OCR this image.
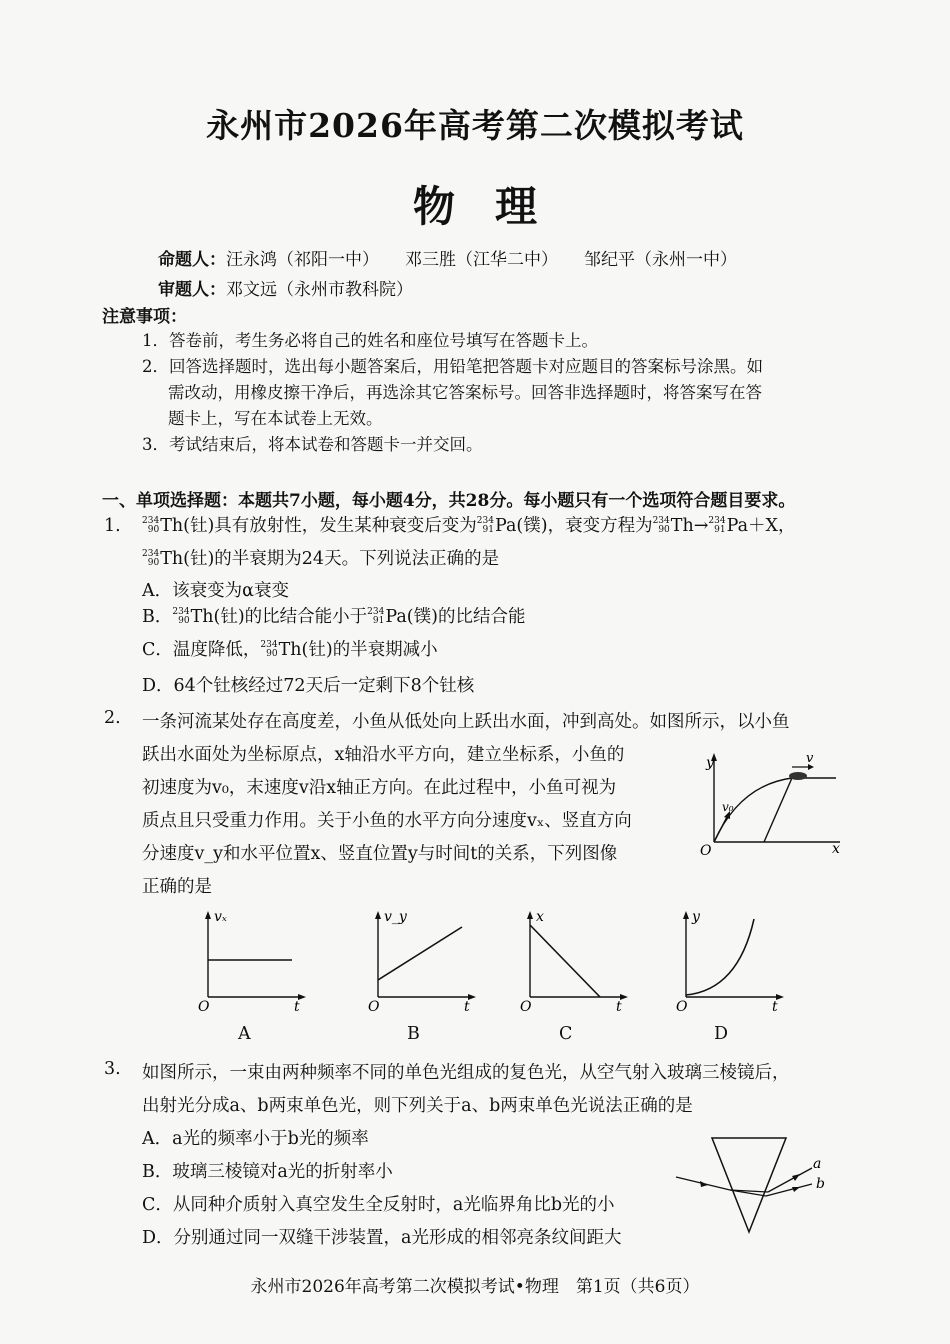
永州市2026年高考第二次模拟考试
物理
命题人：汪永鸿（祁阳一中） 邓三胜（江华二中） 邹纪平（永州一中）
审题人：邓文远（永州市教科院）
注意事项：
1．答卷前，考生务必将自己的姓名和座位号填写在答题卡上。
2．回答选择题时，选出每小题答案后，用铅笔把答题卡对应题目的答案标号涂黑。如
需改动，用橡皮擦干净后，再选涂其它答案标号。回答非选择题时，将答案写在答
题卡上，写在本试卷上无效。
3．考试结束后，将本试卷和答题卡一并交回。
一、单项选择题：本题共7小题，每小题4分，共28分。每小题只有一个选项符合题目要求。
1. 234
90 Th(钍)具有放射性，发生某种衰变后变为 234
91 Pa(镤)，衰变方程为 234
90 Th→ 234
91 Pa＋X，
234
90 Th(钍)的半衰期为24天。下列说法正确的是
A．该衰变为α衰变
B． 234
90 Th(钍)的比结合能小于 234
91 Pa(镤)的比结合能
C．温度降低， 234
90 Th(钍)的半衰期减小
D．64个钍核经过72天后一定剩下8个钍核
2. 一条河流某处存在高度差，小鱼从低处向上跃出水面，冲到高处。如图所示，以小鱼
跃出水面处为坐标原点，x轴沿水平方向，建立坐标系，小鱼的
初速度为v₀，末速度v沿x轴正方向。在此过程中，小鱼可视为
质点且只受重力作用。关于小鱼的水平方向分速度vₓ、竖直方向
分速度v_y和水平位置x、竖直位置y与时间t的关系，下列图像
正确的是
y
x
O
v
v₀
vₓ
O	t
v_y
O	t
x
O	t
y
O	t
A	B	C	D
3. 如图所示，一束由两种频率不同的单色光组成的复色光，从空气射入玻璃三棱镜后，
出射光分成a、b两束单色光，则下列关于a、b两束单色光说法正确的是
A．a光的频率小于b光的频率
B．玻璃三棱镜对a光的折射率小
C．从同种介质射入真空发生全反射时，a光临界角比b光的小
D．分别通过同一双缝干涉装置，a光形成的相邻亮条纹间距大
a
b
永州市2026年高考第二次模拟考试•物理　第1页（共6页）
